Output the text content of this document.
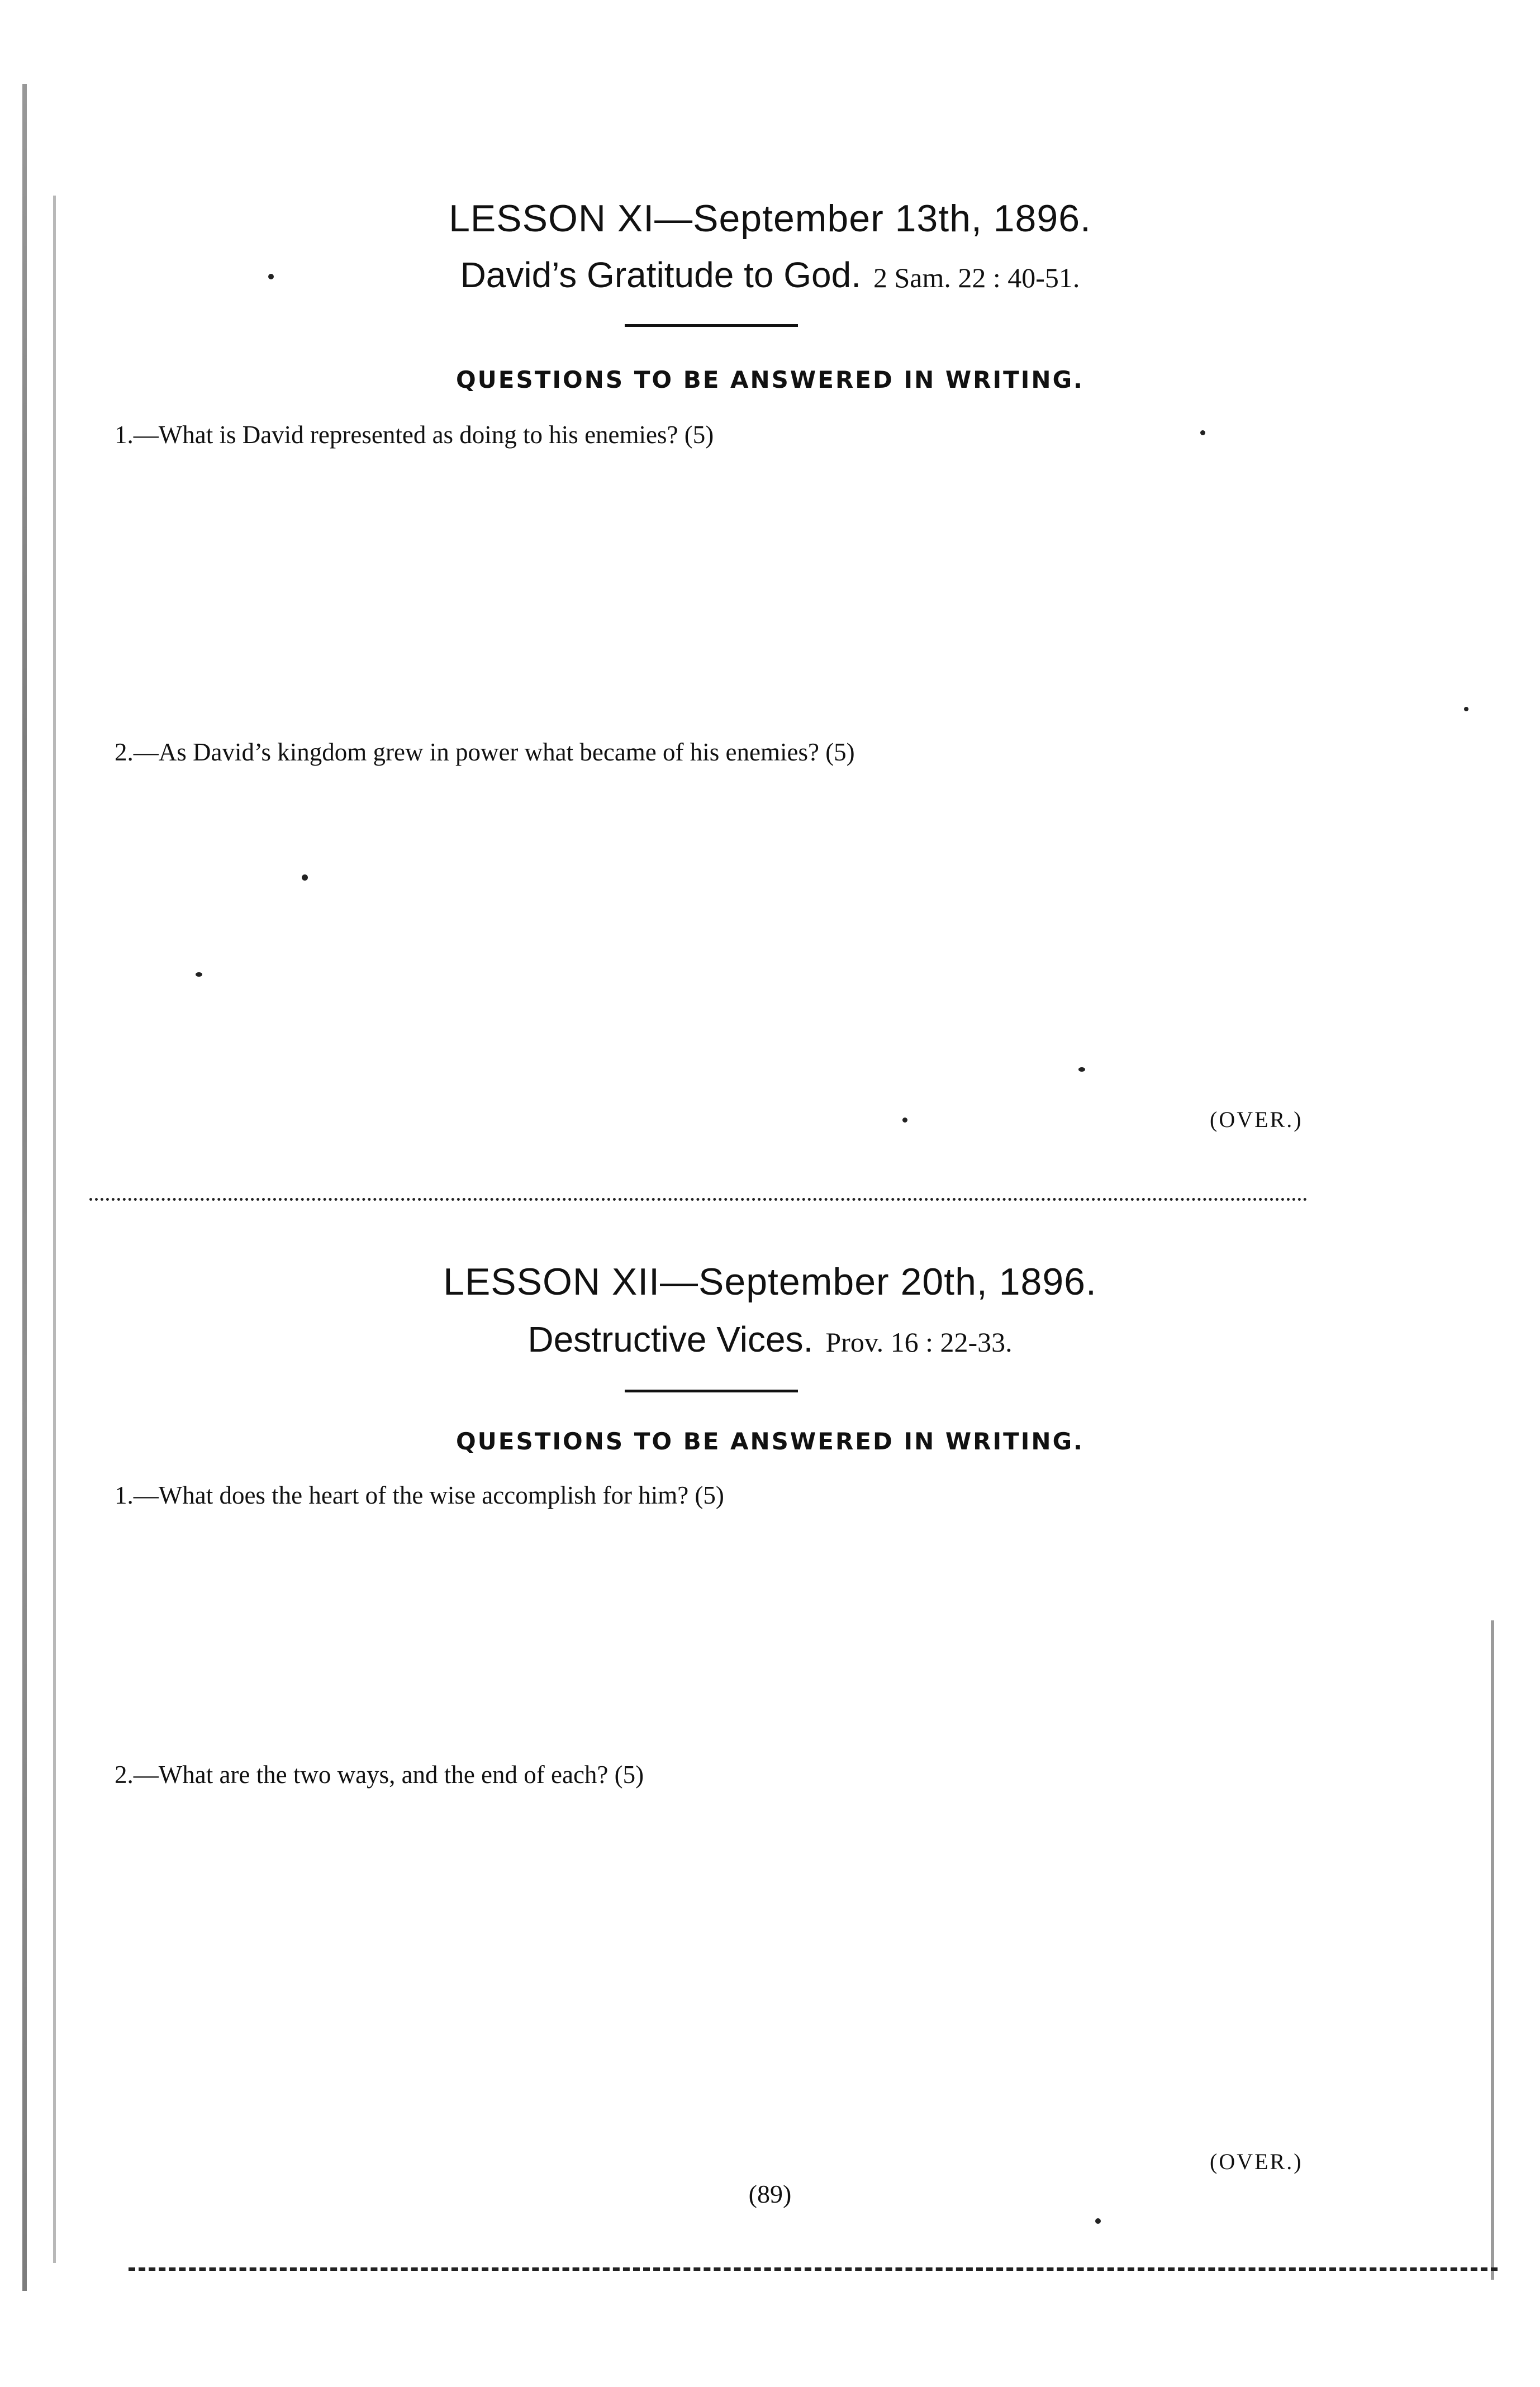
LESSON XI—September 13th, 1896.
David’s Gratitude to God. 2 Sam. 22 : 40-51.
QUESTIONS TO BE ANSWERED IN WRITING.
1.—What is David represented as doing to his enemies? (5)
2.—As David’s kingdom grew in power what became of his enemies? (5)
(OVER.)
LESSON XII—September 20th, 1896.
Destructive Vices. Prov. 16 : 22-33.
QUESTIONS TO BE ANSWERED IN WRITING.
1.—What does the heart of the wise accomplish for him? (5)
2.—What are the two ways, and the end of each? (5)
(OVER.)
(89)
